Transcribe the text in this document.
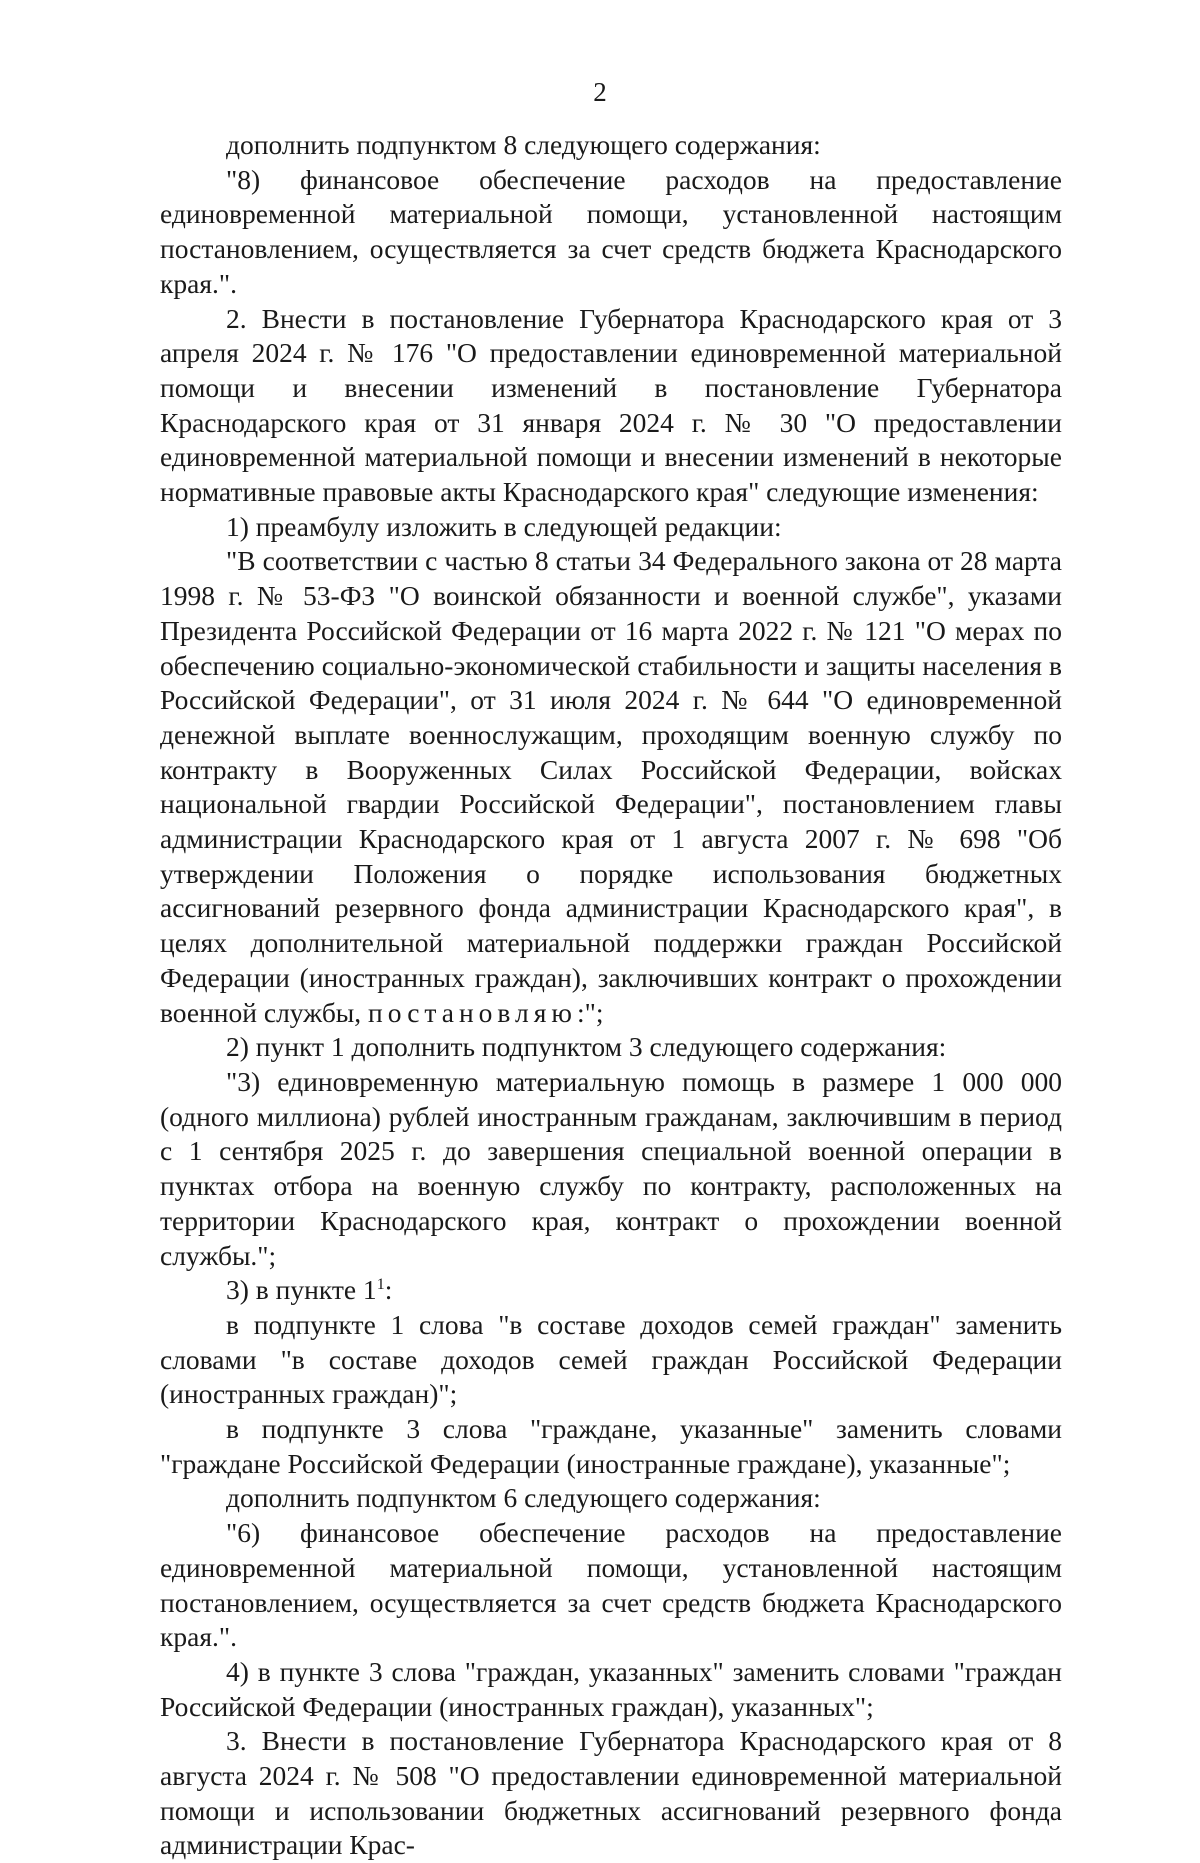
2

дополнить подпунктом 8 следующего содержания:

"8) финансовое обеспечение расходов на предоставление единовременной материальной помощи, установленной настоящим постановлением, осуществляется за счет средств бюджета Краснодарского края.".

2. Внести в постановление Губернатора Краснодарского края от 3 апреля 2024 г. № 176 "О предоставлении единовременной материальной помощи и внесении изменений в постановление Губернатора Краснодарского края от 31 января 2024 г. № 30 "О предоставлении единовременной материальной помощи и внесении изменений в некоторые нормативные правовые акты Краснодарского края" следующие изменения:

1) преамбулу изложить в следующей редакции:

"В соответствии с частью 8 статьи 34 Федерального закона от 28 марта 1998 г. № 53-ФЗ "О воинской обязанности и военной службе", указами Президента Российской Федерации от 16 марта 2022 г. № 121 "О мерах по обеспечению социально-экономической стабильности и защиты населения в Российской Федерации", от 31 июля 2024 г. № 644 "О единовременной денежной выплате военнослужащим, проходящим военную службу по контракту в Вооруженных Силах Российской Федерации, войсках национальной гвардии Российской Федерации", постановлением главы администрации Краснодарского края от 1 августа 2007 г. № 698 "Об утверждении Положения о порядке использования бюджетных ассигнований резервного фонда администрации Краснодарского края", в целях дополнительной материальной поддержки граждан Российской Федерации (иностранных граждан), заключивших контракт о прохождении военной службы, постановляю:";

2) пункт 1 дополнить подпунктом 3 следующего содержания:

"3) единовременную материальную помощь в размере 1 000 000 (одного миллиона) рублей иностранным гражданам, заключившим в период с 1 сентября 2025 г. до завершения специальной военной операции в пунктах отбора на военную службу по контракту, расположенных на территории Краснодарского края, контракт о прохождении военной службы.";

3) в пункте $1^1$:

в подпункте 1 слова "в составе доходов семей граждан" заменить словами "в составе доходов семей граждан Российской Федерации (иностранных граждан)";

в подпункте 3 слова "граждане, указанные" заменить словами "граждане Российской Федерации (иностранные граждане), указанные";

дополнить подпунктом 6 следующего содержания:

"6) финансовое обеспечение расходов на предоставление единовременной материальной помощи, установленной настоящим постановлением, осуществляется за счет средств бюджета Краснодарского края.".

4) в пункте 3 слова "граждан, указанных" заменить словами "граждан Российской Федерации (иностранных граждан), указанных";

3. Внести в постановление Губернатора Краснодарского края от 8 августа 2024 г. № 508 "О предоставлении единовременной материальной помощи и использовании бюджетных ассигнований резервного фонда администрации Крас-
